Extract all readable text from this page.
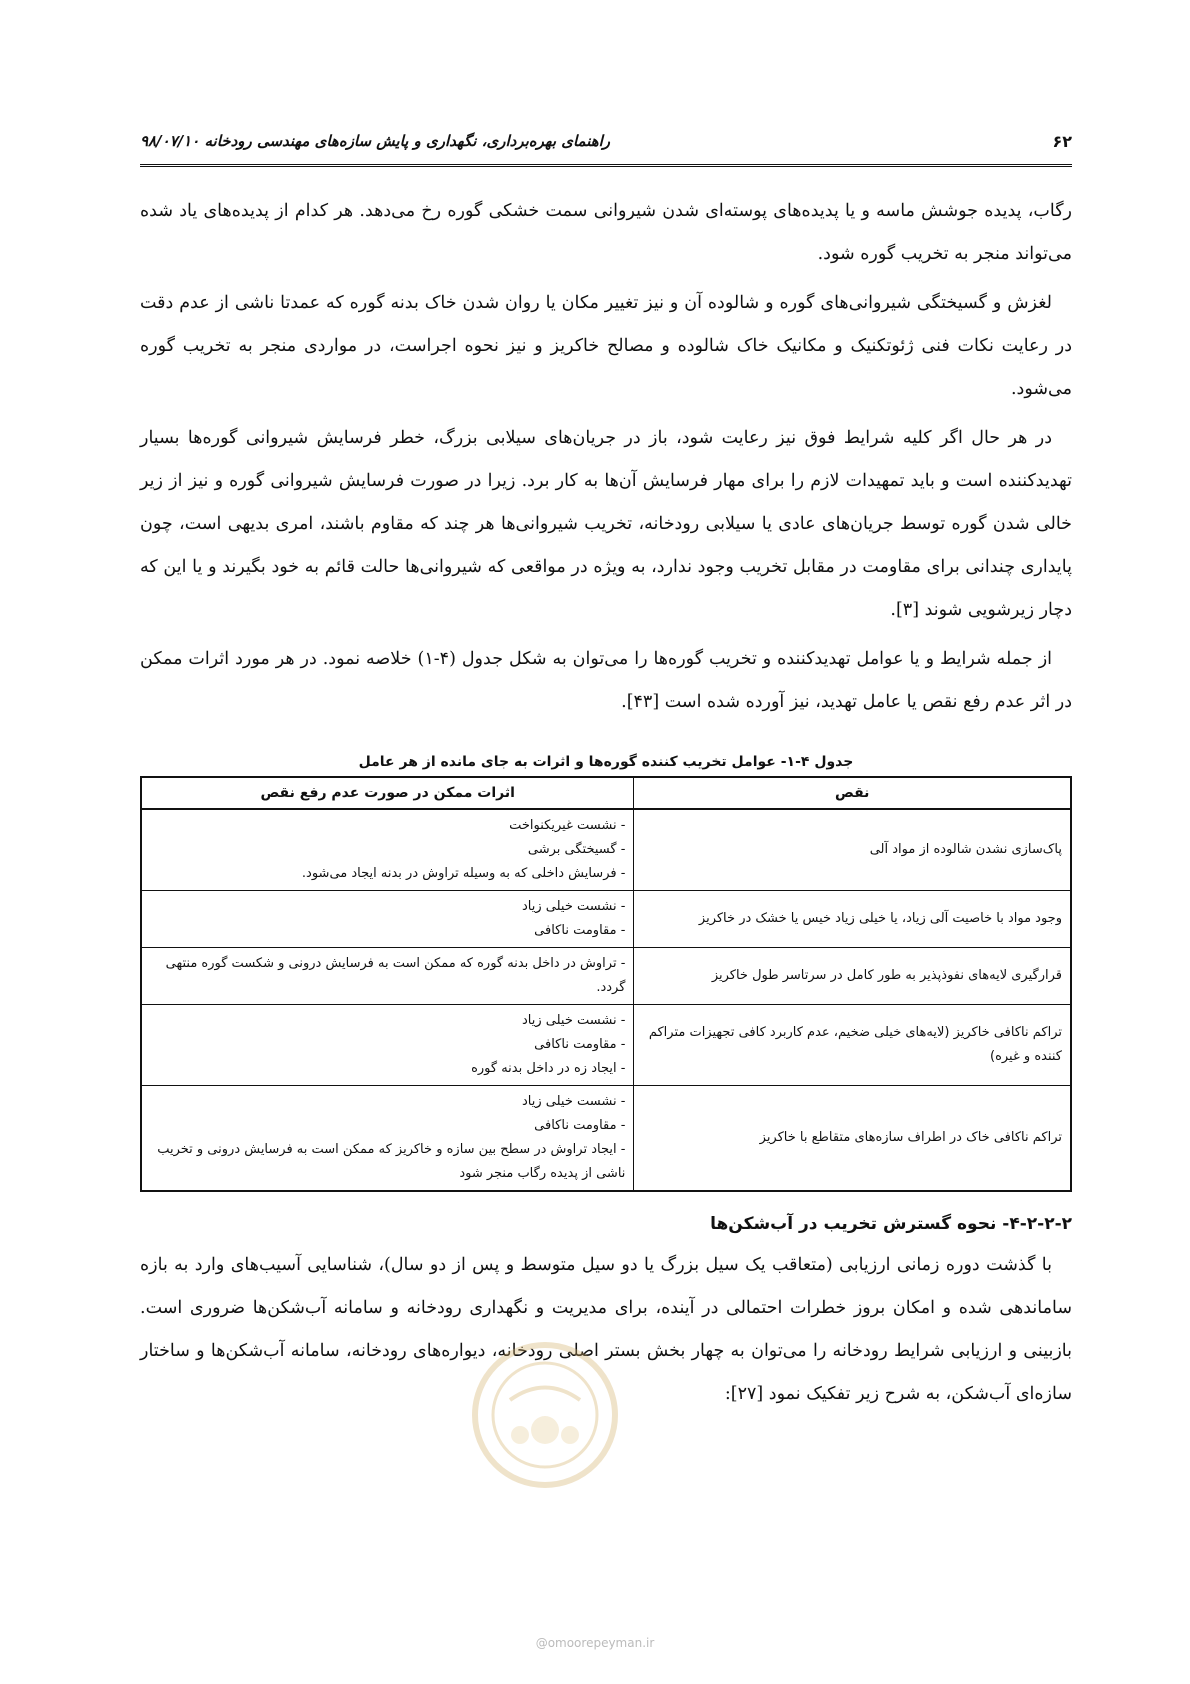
۶۲
راهنمای بهره‌برداری، نگهداری و پایش سازه‌های مهندسی رودخانه ۹۸/۰۷/۱۰

رگاب، پدیده جوشش ماسه و یا پدیده‌های پوسته‌ای شدن شیروانی سمت خشکی گوره رخ می‌دهد. هر کدام از پدیده‌های یاد شده می‌تواند منجر به تخریب گوره شود.

لغزش و گسیختگی شیروانی‌های گوره و شالوده آن و نیز تغییر مکان یا روان شدن خاک بدنه گوره که عمدتا ناشی از عدم دقت در رعایت نکات فنی ژئوتکنیک و مکانیک خاک شالوده و مصالح خاکریز و نیز نحوه اجراست، در مواردی منجر به تخریب گوره می‌شود.

در هر حال اگر کلیه شرایط فوق نیز رعایت شود، باز در جریان‌های سیلابی بزرگ، خطر فرسایش شیروانی گوره‌ها بسیار تهدیدکننده است و باید تمهیدات لازم را برای مهار فرسایش آن‌ها به کار برد. زیرا در صورت فرسایش شیروانی گوره و نیز از زیر خالی شدن گوره توسط جریان‌های عادی یا سیلابی رودخانه، تخریب شیروانی‌ها هر چند که مقاوم باشند، امری بدیهی است، چون پایداری چندانی برای مقاومت در مقابل تخریب وجود ندارد، به ویژه در مواقعی که شیروانی‌ها حالت قائم به خود بگیرند و یا این که دچار زیرشویی شوند [۳].

از جمله شرایط و یا عوامل تهدیدکننده و تخریب گوره‌ها را می‌توان به شکل جدول (۴-۱) خلاصه نمود. در هر مورد اثرات ممکن در اثر عدم رفع نقص یا عامل تهدید، نیز آورده شده است [۴۳].

جدول ۴-۱- عوامل تخریب کننده گوره‌ها و اثرات به جای مانده از هر عامل
نقص	اثرات ممکن در صورت عدم رفع نقص
پاک‌سازی نشدن شالوده از مواد آلی	- نشست غیریکنواخت
- گسیختگی برشی
- فرسایش داخلی که به وسیله تراوش در بدنه ایجاد می‌شود.

وجود مواد با خاصیت آلی زیاد، یا خیلی زیاد خیس یا خشک در خاکریز	- نشست خیلی زیاد
- مقاومت ناکافی

قرارگیری لایه‌های نفوذپذیر به طور کامل در سرتاسر طول خاکریز	- تراوش در داخل بدنه گوره که ممکن است به فرسایش درونی و شکست گوره منتهی گردد.

تراکم ناکافی خاکریز (لایه‌های خیلی ضخیم، عدم کاربرد کافی تجهیزات متراکم کننده و غیره)	- نشست خیلی زیاد
- مقاومت ناکافی
- ایجاد زه در داخل بدنه گوره

تراکم ناکافی خاک در اطراف سازه‌های متقاطع با خاکریز	- نشست خیلی زیاد
- مقاومت ناکافی
- ایجاد تراوش در سطح بین سازه و خاکریز که ممکن است به فرسایش درونی و تخریب ناشی از پدیده رگاب منجر شود
۴-۲-۲-۲- نحوه گسترش تخریب در آب‌شکن‌ها

با گذشت دوره زمانی ارزیابی (متعاقب یک سیل بزرگ یا دو سیل متوسط و پس از دو سال)، شناسایی آسیب‌های وارد به بازه ساماندهی شده و امکان بروز خطرات احتمالی در آینده، برای مدیریت و نگهداری رودخانه و سامانه آب‌شکن‌ها ضروری است. بازبینی و ارزیابی شرایط رودخانه را می‌توان به چهار بخش بستر اصلی رودخانه، دیواره‌های رودخانه، سامانه آب‌شکن‌ها و ساختار سازه‌ای آب‌شکن، به شرح زیر تفکیک نمود [۲۷]:

@omoorepeyman.ir
